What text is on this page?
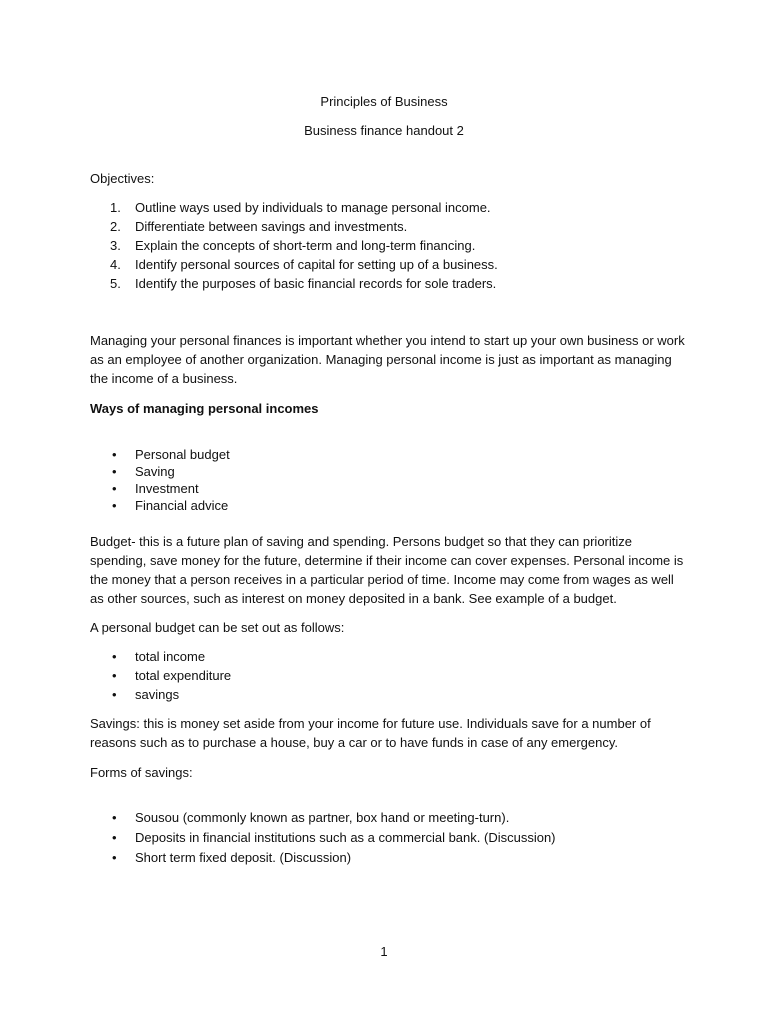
Principles of Business

Business finance handout 2

Objectives:

1.	Outline ways used by individuals to manage personal income.
2.	Differentiate between savings and investments.
3.	Explain the concepts of short-term and long-term financing.
4.	Identify personal sources of capital for setting up of a business.
5.	Identify the purposes of basic financial records for sole traders.

Managing your personal finances is important whether you intend to start up your own business or work as an employee of another organization. Managing personal income is just as important as managing the income of a business.

Ways of managing personal incomes

• Personal budget
• Saving
• Investment
• Financial advice

Budget- this is a future plan of saving and spending. Persons budget so that they can prioritize spending, save money for the future, determine if their income can cover expenses. Personal income is the money that a person receives in a particular period of time. Income may come from wages as well as other sources, such as interest on money deposited in a bank. See example of a budget.

A personal budget can be set out as follows:

• total income
• total expenditure
• savings

Savings: this is money set aside from your income for future use. Individuals save for a number of reasons such as to purchase a house, buy a car or to have funds in case of any emergency.

Forms of savings:

• Sousou (commonly known as partner, box hand or meeting-turn).
• Deposits in financial institutions such as a commercial bank. (Discussion)
• Short term fixed deposit. (Discussion)

1
